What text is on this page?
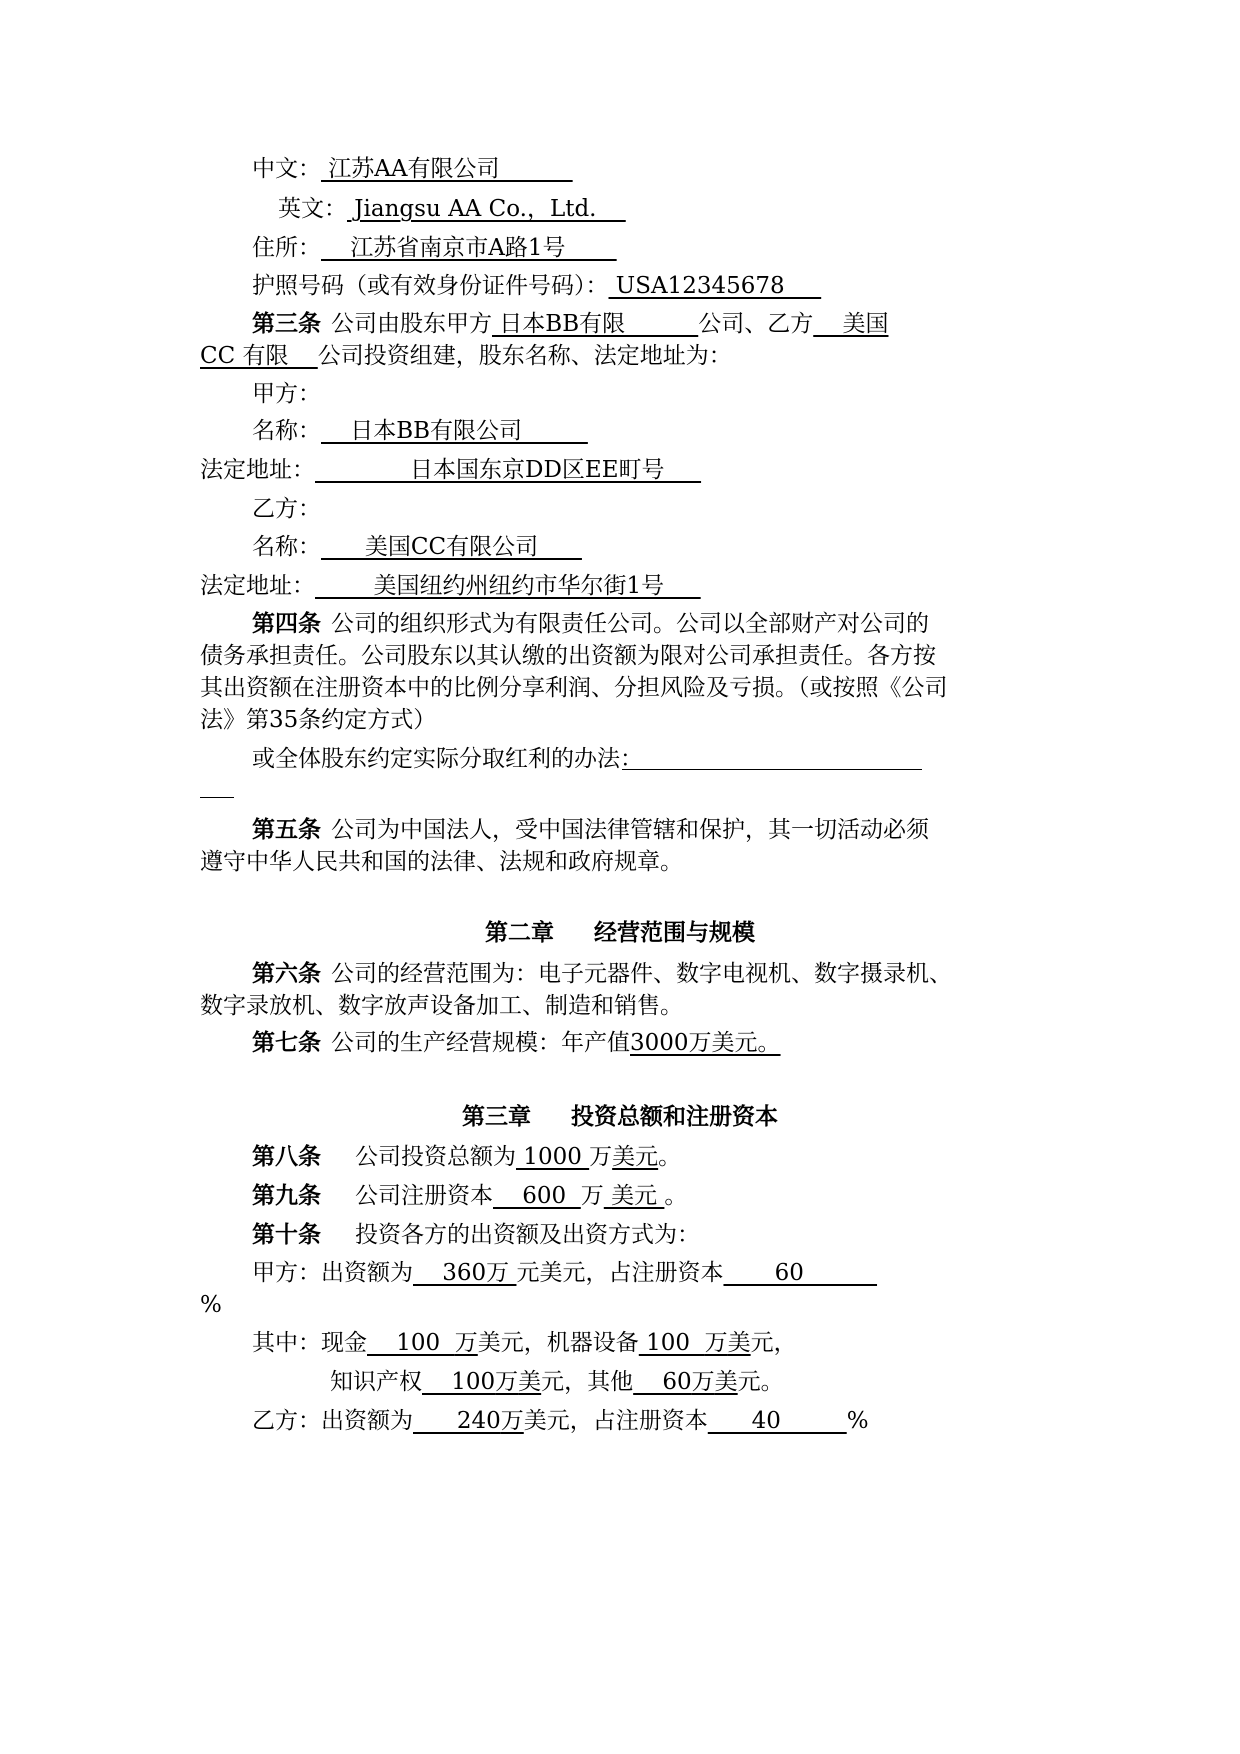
中文： 江苏AA有限公司
英文： Jiangsu AA Co.，Ltd.
住所：    江苏省南京市A路1号
护照号码（或有效身份证件号码）： USA12345678
第三条 公司由股东甲方 日本BB有限          公司、乙方    美国
CC 有限    公司投资组建，股东名称、法定地址为：
甲方：
名称：    日本BB有限公司
法定地址：             日本国东京DD区EE町号
乙方：
名称：      美国CC有限公司
法定地址：        美国纽约州纽约市华尔街1号
第四条 公司的组织形式为有限责任公司。公司以全部财产对公司的
债务承担责任。公司股东以其认缴的出资额为限对公司承担责任。各方按
其出资额在注册资本中的比例分享利润、分担风险及亏损。（或按照《公司
法》第35条约定方式）
或全体股东约定实际分取红利的办法：
第五条 公司为中国法人，受中国法律管辖和保护，其一切活动必须
遵守中华人民共和国的法律、法规和政府规章。
第二章 经营范围与规模
第六条 公司的经营范围为：电子元器件、数字电视机、数字摄录机、
数字录放机、数字放声设备加工、制造和销售。
第七条 公司的生产经营规模：年产值3000万美元。
第三章 投资总额和注册资本
第八条 公司投资总额为 1000 万美元。
第九条 公司注册资本    600  万 美元 。
第十条 投资各方的出资额及出资方式为：
甲方：出资额为    360万 元美元，占注册资本       60
%
其中：现金    100  万美元，机器设备 100  万美元，
知识产权    100万美元，其他    60万美元。
乙方：出资额为      240万美元，占注册资本      40         %
